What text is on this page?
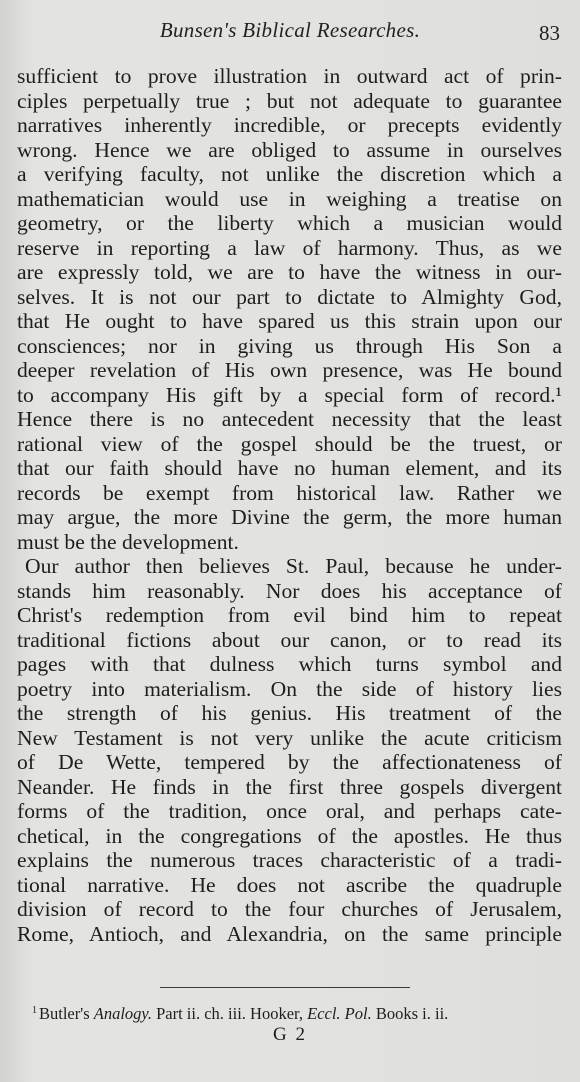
Bunsen's Biblical Researches.	83
sufficient to prove illustration in outward act of prin-
ciples perpetually true ; but not adequate to guarantee
narratives inherently incredible, or precepts evidently
wrong. Hence we are obliged to assume in ourselves
a verifying faculty, not unlike the discretion which a
mathematician would use in weighing a treatise on
geometry, or the liberty which a musician would
reserve in reporting a law of harmony. Thus, as we
are expressly told, we are to have the witness in our-
selves. It is not our part to dictate to Almighty God,
that He ought to have spared us this strain upon our
consciences; nor in giving us through His Son a
deeper revelation of His own presence, was He bound
to accompany His gift by a special form of record.¹
Hence there is no antecedent necessity that the least
rational view of the gospel should be the truest, or
that our faith should have no human element, and its
records be exempt from historical law. Rather we
may argue, the more Divine the germ, the more human
must be the development.
Our author then believes St. Paul, because he under-
stands him reasonably. Nor does his acceptance of
Christ's redemption from evil bind him to repeat
traditional fictions about our canon, or to read its
pages with that dulness which turns symbol and
poetry into materialism. On the side of history lies
the strength of his genius. His treatment of the
New Testament is not very unlike the acute criticism
of De Wette, tempered by the affectionateness of
Neander. He finds in the first three gospels divergent
forms of the tradition, once oral, and perhaps cate-
chetical, in the congregations of the apostles. He thus
explains the numerous traces characteristic of a tradi-
tional narrative. He does not ascribe the quadruple
division of record to the four churches of Jerusalem,
Rome, Antioch, and Alexandria, on the same principle
$^1$ Butler's Analogy. Part ii. ch. iii. Hooker, Eccl. Pol. Books i. ii.
G 2
